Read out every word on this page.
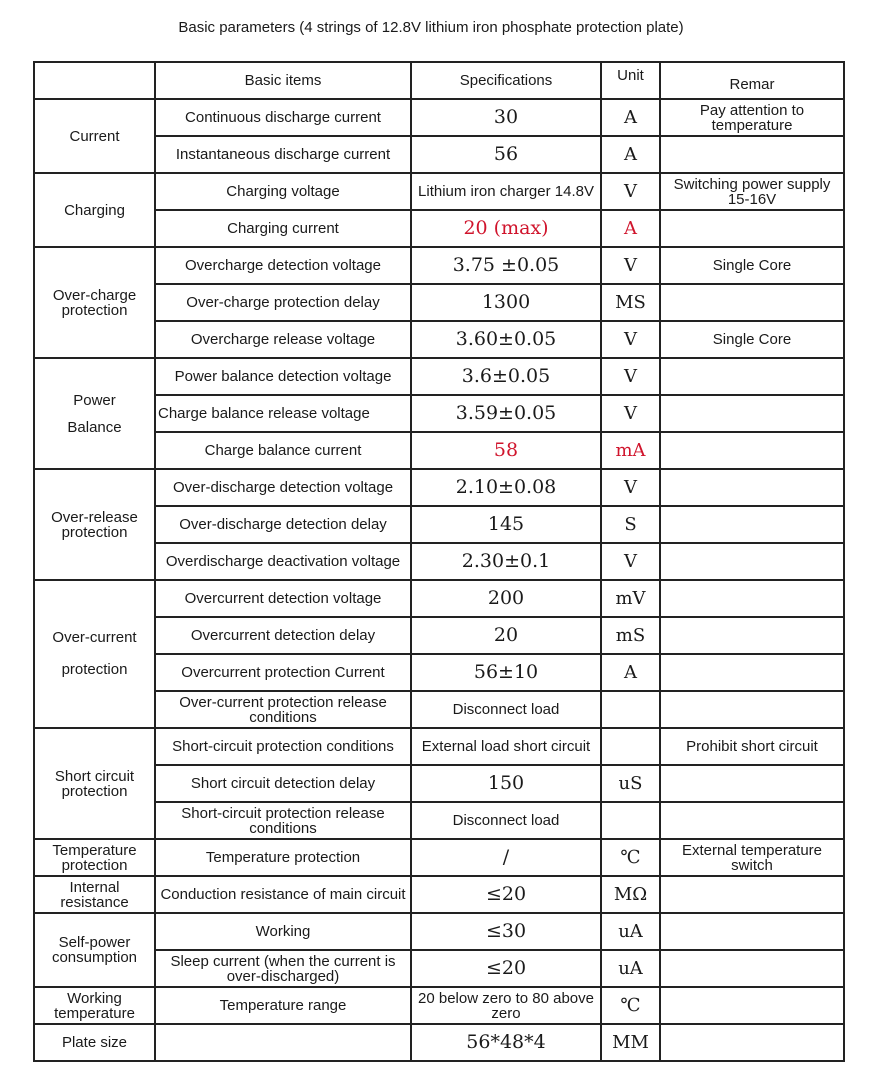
Basic parameters (4 strings of 12.8V lithium iron phosphate protection plate)
	Basic items	Specifications	Unit	Remar
Current	Continuous discharge current	30	A	Pay attention to temperature
	Instantaneous discharge current	56	A	
Charging	Charging voltage	Lithium iron charger 14.8V	V	Switching power supply 15-16V
	Charging current	20 (max)	A	
Over-charge protection	Overcharge detection voltage	3.75 ±0.05	V	Single Core
	Over-charge protection delay	1300	MS	
	Overcharge release voltage	3.60±0.05	V	Single Core

Power
Balance	Power balance detection voltage	3.6±0.05	V	
	Charge balance release voltage	3.59±0.05	V	
	Charge balance current	58	mA	
Over-release protection	Over-discharge detection voltage	2.10±0.08	V	
	Over-discharge detection delay	145	S	
	Overdischarge deactivation voltage	2.30±0.1	V	

Over-current
protection	Overcurrent detection voltage	200	mV	
	Overcurrent detection delay	20	mS	
	Overcurrent protection Current	56±10	A	
	Over-current protection release conditions	Disconnect load		
Short circuit protection	Short-circuit protection conditions	External load short circuit		Prohibit short circuit
	Short circuit detection delay	150	uS	
	Short-circuit protection release conditions	Disconnect load		
Temperature protection	Temperature protection	/	℃	External temperature switch
Internal resistance	Conduction resistance of main circuit	≤20	MΩ	
Self-power consumption	Working	≤30	uA	
	Sleep current (when the current is over-discharged)	≤20	uA	
Working temperature	Temperature range	20 below zero to 80 above zero	℃	
Plate size		56*48*4	MM	
